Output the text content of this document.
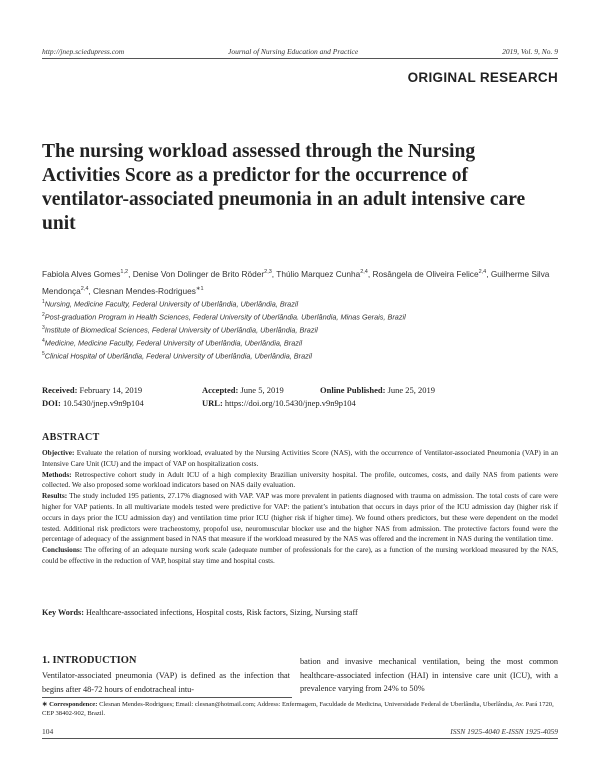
http://jnep.sciedupress.com	Journal of Nursing Education and Practice	2019, Vol. 9, No. 9
ORIGINAL RESEARCH
The nursing workload assessed through the Nursing Activities Score as a predictor for the occurrence of ventilator-associated pneumonia in an adult intensive care unit
Fabiola Alves Gomes$^{1,2}$, Denise Von Dolinger de Brito Röder$^{2,3}$, Thúlio Marquez Cunha$^{2,4}$, Rosângela de Oliveira Felice$^{2,4}$, Guilherme Silva Mendonça$^{2,4}$, Clesnan Mendes-Rodrigues$^{∗1}$
$^1$Nursing, Medicine Faculty, Federal University of Uberlândia, Uberlândia, Brazil
$^2$Post-graduation Program in Health Sciences, Federal University of Uberlândia. Uberlândia, Minas Gerais, Brazil
$^3$Institute of Biomedical Sciences, Federal University of Uberlândia, Uberlândia, Brazil
$^4$Medicine, Medicine Faculty, Federal University of Uberlândia, Uberlândia, Brazil
$^5$Clinical Hospital of Uberlândia, Federal University of Uberlândia, Uberlândia, Brazil
Received: February 14, 2019	Accepted: June 5, 2019	Online Published: June 25, 2019
DOI: 10.5430/jnep.v9n9p104	URL: https://doi.org/10.5430/jnep.v9n9p104
ABSTRACT

Objective: Evaluate the relation of nursing workload, evaluated by the Nursing Activities Score (NAS), with the occurrence of Ventilator-associated Pneumonia (VAP) in an Intensive Care Unit (ICU) and the impact of VAP on hospitalization costs.

Methods: Retrospective cohort study in Adult ICU of a high complexity Brazilian university hospital. The profile, outcomes, costs, and daily NAS from patients were collected. We also proposed some workload indicators based on NAS daily evaluation.

Results: The study included 195 patients, 27.17% diagnosed with VAP. VAP was more prevalent in patients diagnosed with trauma on admission. The total costs of care were higher for VAP patients. In all multivariate models tested were predictive for VAP: the patient’s intubation that occurs in days prior of the ICU admission day (higher risk if occurs in days prior the ICU admission day) and ventilation time prior ICU (higher risk if higher time). We found others predictors, but these were dependent on the model tested. Additional risk predictors were tracheostomy, propofol use, neuromuscular blocker use and the higher NAS from admission. The protective factors found were the percentage of adequacy of the assignment based in NAS that measure if the workload measured by the NAS was offered and the increment in NAS during the ventilation time.

Conclusions: The offering of an adequate nursing work scale (adequate number of professionals for the care), as a function of the nursing workload measured by the NAS, could be effective in the reduction of VAP, hospital stay time and hospital costs.

Key Words: Healthcare-associated infections, Hospital costs, Risk factors, Sizing, Nursing staff
1. INTRODUCTION
Ventilator-associated pneumonia (VAP) is defined as the infection that begins after 48-72 hours of endotracheal intu-
bation and invasive mechanical ventilation, being the most common healthcare-associated infection (HAI) in intensive care unit (ICU), with a prevalence varying from 24% to 50%
∗ Correspondence: Clesnan Mendes-Rodrigues; Email: clesnan@hotmail.com; Address: Enfermagem, Faculdade de Medicina, Universidade Federal de Uberlândia, Uberlândia, Av. Pará 1720, CEP 38402-902, Brazil.
104	ISSN 1925-4040 E-ISSN 1925-4059
